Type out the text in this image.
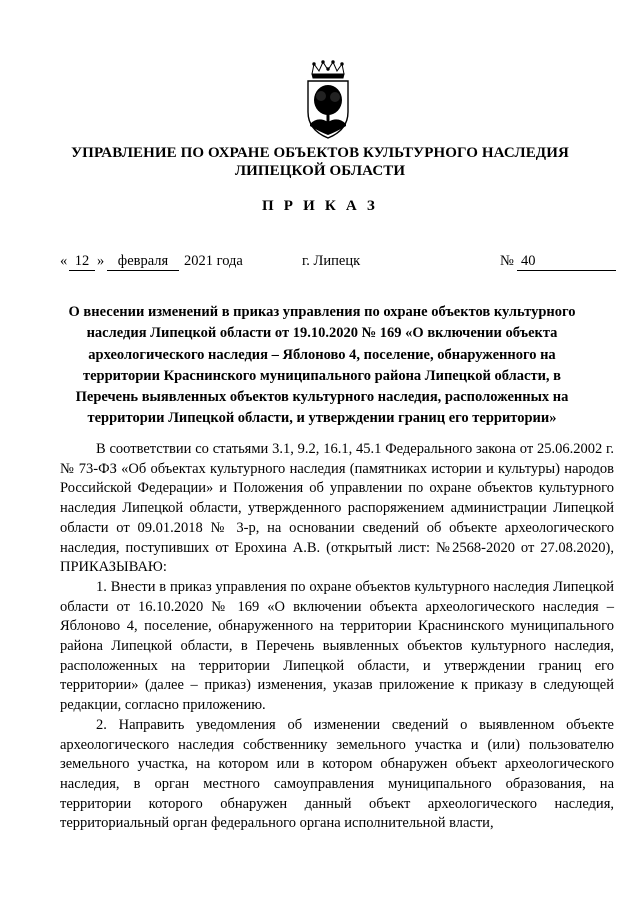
УПРАВЛЕНИЕ ПО ОХРАНЕ ОБЪЕКТОВ КУЛЬТУРНОГО НАСЛЕДИЯ
ЛИПЕЦКОЙ ОБЛАСТИ
П Р И К А З
« 12 » февраля	2021 года	г. Липецк	№ 40
О внесении изменений в приказ управления по охране объектов культурного наследия Липецкой области от 19.10.2020 № 169 «О включении объекта археологического наследия – Яблоново 4, поселение, обнаруженного на территории Краснинского муниципального района Липецкой области, в Перечень выявленных объектов культурного наследия, расположенных на территории Липецкой области, и утверждении границ его территории»

В соответствии со статьями 3.1, 9.2, 16.1, 45.1 Федерального закона от 25.06.2002 г. № 73-ФЗ «Об объектах культурного наследия (памятниках истории и культуры) народов Российской Федерации» и Положения об управлении по охране объектов культурного наследия Липецкой области, утвержденного распоряжением администрации Липецкой области от 09.01.2018 № 3-р, на основании сведений об объекте археологического наследия, поступивших от Ерохина А.В. (открытый лист: №2568-2020 от 27.08.2020), ПРИКАЗЫВАЮ:

1. Внести в приказ управления по охране объектов культурного наследия Липецкой области от 16.10.2020 № 169 «О включении объекта археологического наследия – Яблоново 4, поселение, обнаруженного на территории Краснинского муниципального района Липецкой области, в Перечень выявленных объектов культурного наследия, расположенных на территории Липецкой области, и утверждении границ его территории» (далее – приказ) изменения, указав приложение к приказу в следующей редакции, согласно приложению.

2. Направить уведомления об изменении сведений о выявленном объекте археологического наследия собственнику земельного участка и (или) пользователю земельного участка, на котором или в котором обнаружен объект археологического наследия, в орган местного самоуправления муниципального образования, на территории которого обнаружен данный объект археологического наследия, территориальный орган федерального органа исполнительной власти,
